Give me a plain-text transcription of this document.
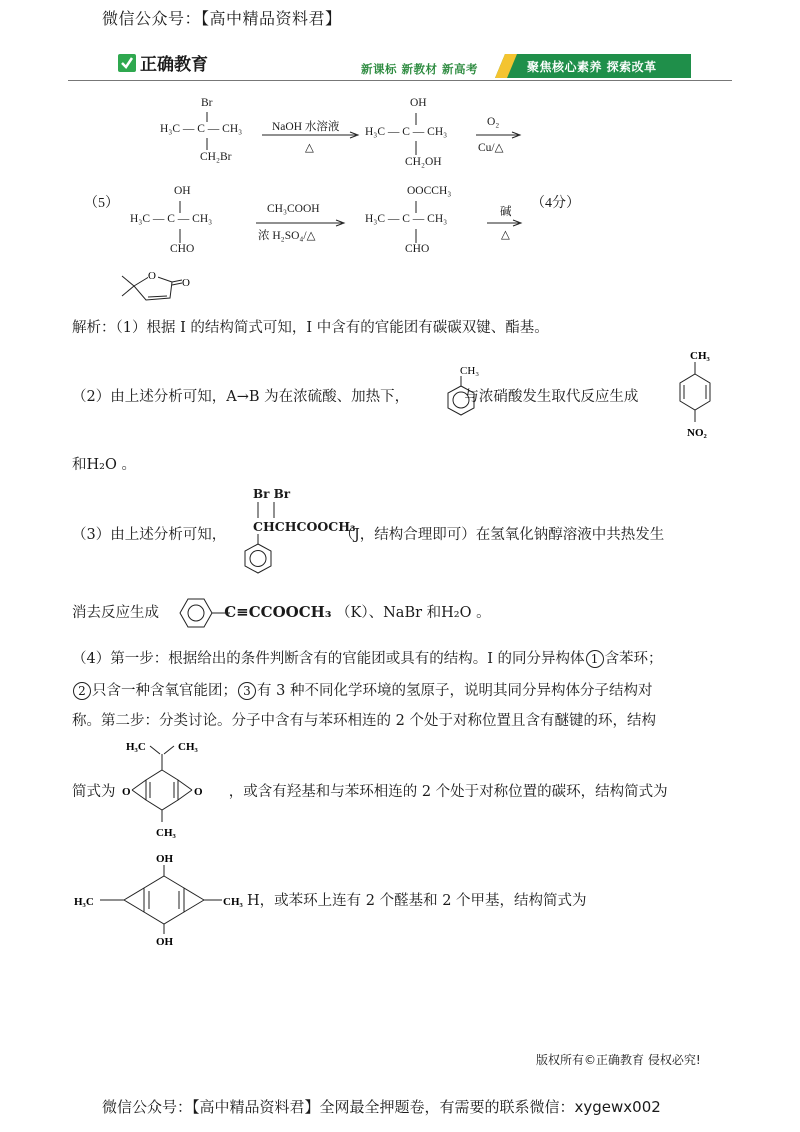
微信公众号：【高中精品资料君】
正确教育	新课标 新教材 新高考	聚焦核心素养 探索改革
Br
H₃C — C — CH₃
CH₂Br
NaOH 水溶液
△
OH
H₃C — C — CH₃
CH₂OH
O₂
Cu/△
（5）
OH
H₃C — C — CH₃
CHO
CH₃COOH
浓 H₂SO₄/△
OOCCH₃
H₃C — C — CH₃
CHO
碱
△
（4分）
O
O
解析：（1）根据 I 的结构简式可知，I 中含有的官能团有碳碳双键、酯基。
（2）由上述分析可知，A→B 为在浓硫酸、加热下，	与浓硝酸发生取代反应生成
CH₃
CH₃
NO₂
和H₂O 。
（3）由上述分析可知，	（J，结构合理即可）在氢氧化钠醇溶液中共热发生
Br Br
CHCHCOOCH₃
消去反应生成	C≡CCOOCH₃ （K）、NaBr 和H₂O 。
（4）第一步：根据给出的条件判断含有的官能团或具有的结构。I 的同分异构体 1 含苯环；
2 只含一种含氧官能团； 3 有 3 种不同化学环境的氢原子，说明其同分异构体分子结构对
称。第二步：分类讨论。分子中含有与苯环相连的 2 个处于对称位置且含有醚键的环，结构
简式为	，或含有羟基和与苯环相连的 2 个处于对称位置的碳环，结构简式为
H₃C	CH₃
O	O
CH₃
OH
H₃C	CH₃
OH
H，或苯环上连有 2 个醛基和 2 个甲基，结构简式为
版权所有©正确教育 侵权必究!
微信公众号：【高中精品资料君】全网最全押题卷，有需要的联系微信：xygewx002
